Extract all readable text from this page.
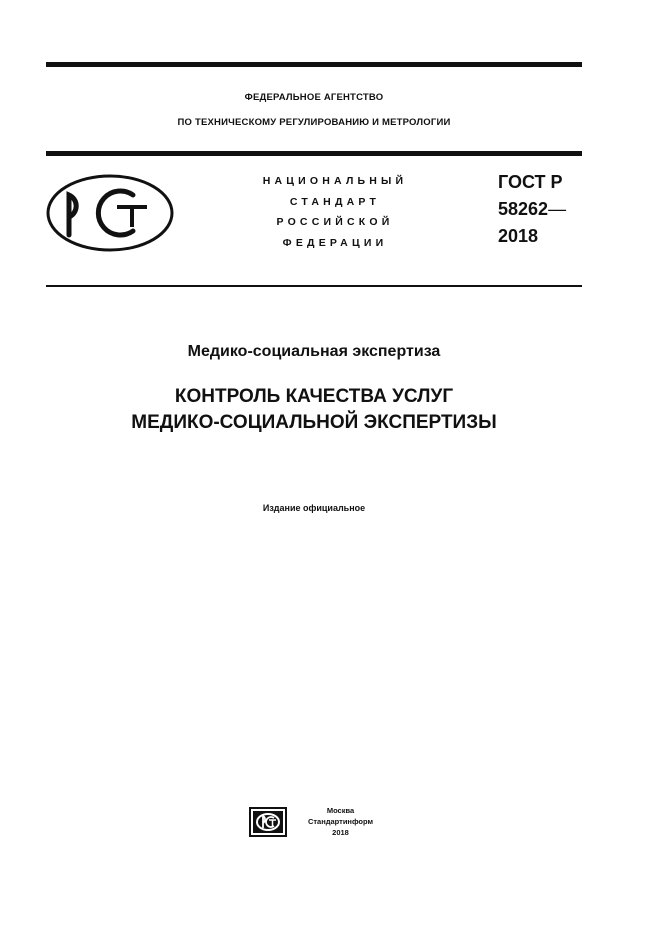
ФЕДЕРАЛЬНОЕ АГЕНТСТВО
ПО ТЕХНИЧЕСКОМУ РЕГУЛИРОВАНИЮ И МЕТРОЛОГИИ
НАЦИОНАЛЬНЫЙ
СТАНДАРТ
РОССИЙСКОЙ
ФЕДЕРАЦИИ
ГОСТ Р
58262—
2018
Медико-социальная экспертиза
КОНТРОЛЬ КАЧЕСТВА УСЛУГ
МЕДИКО-СОЦИАЛЬНОЙ ЭКСПЕРТИЗЫ
Издание официальное
Москва
Стандартинформ
2018
